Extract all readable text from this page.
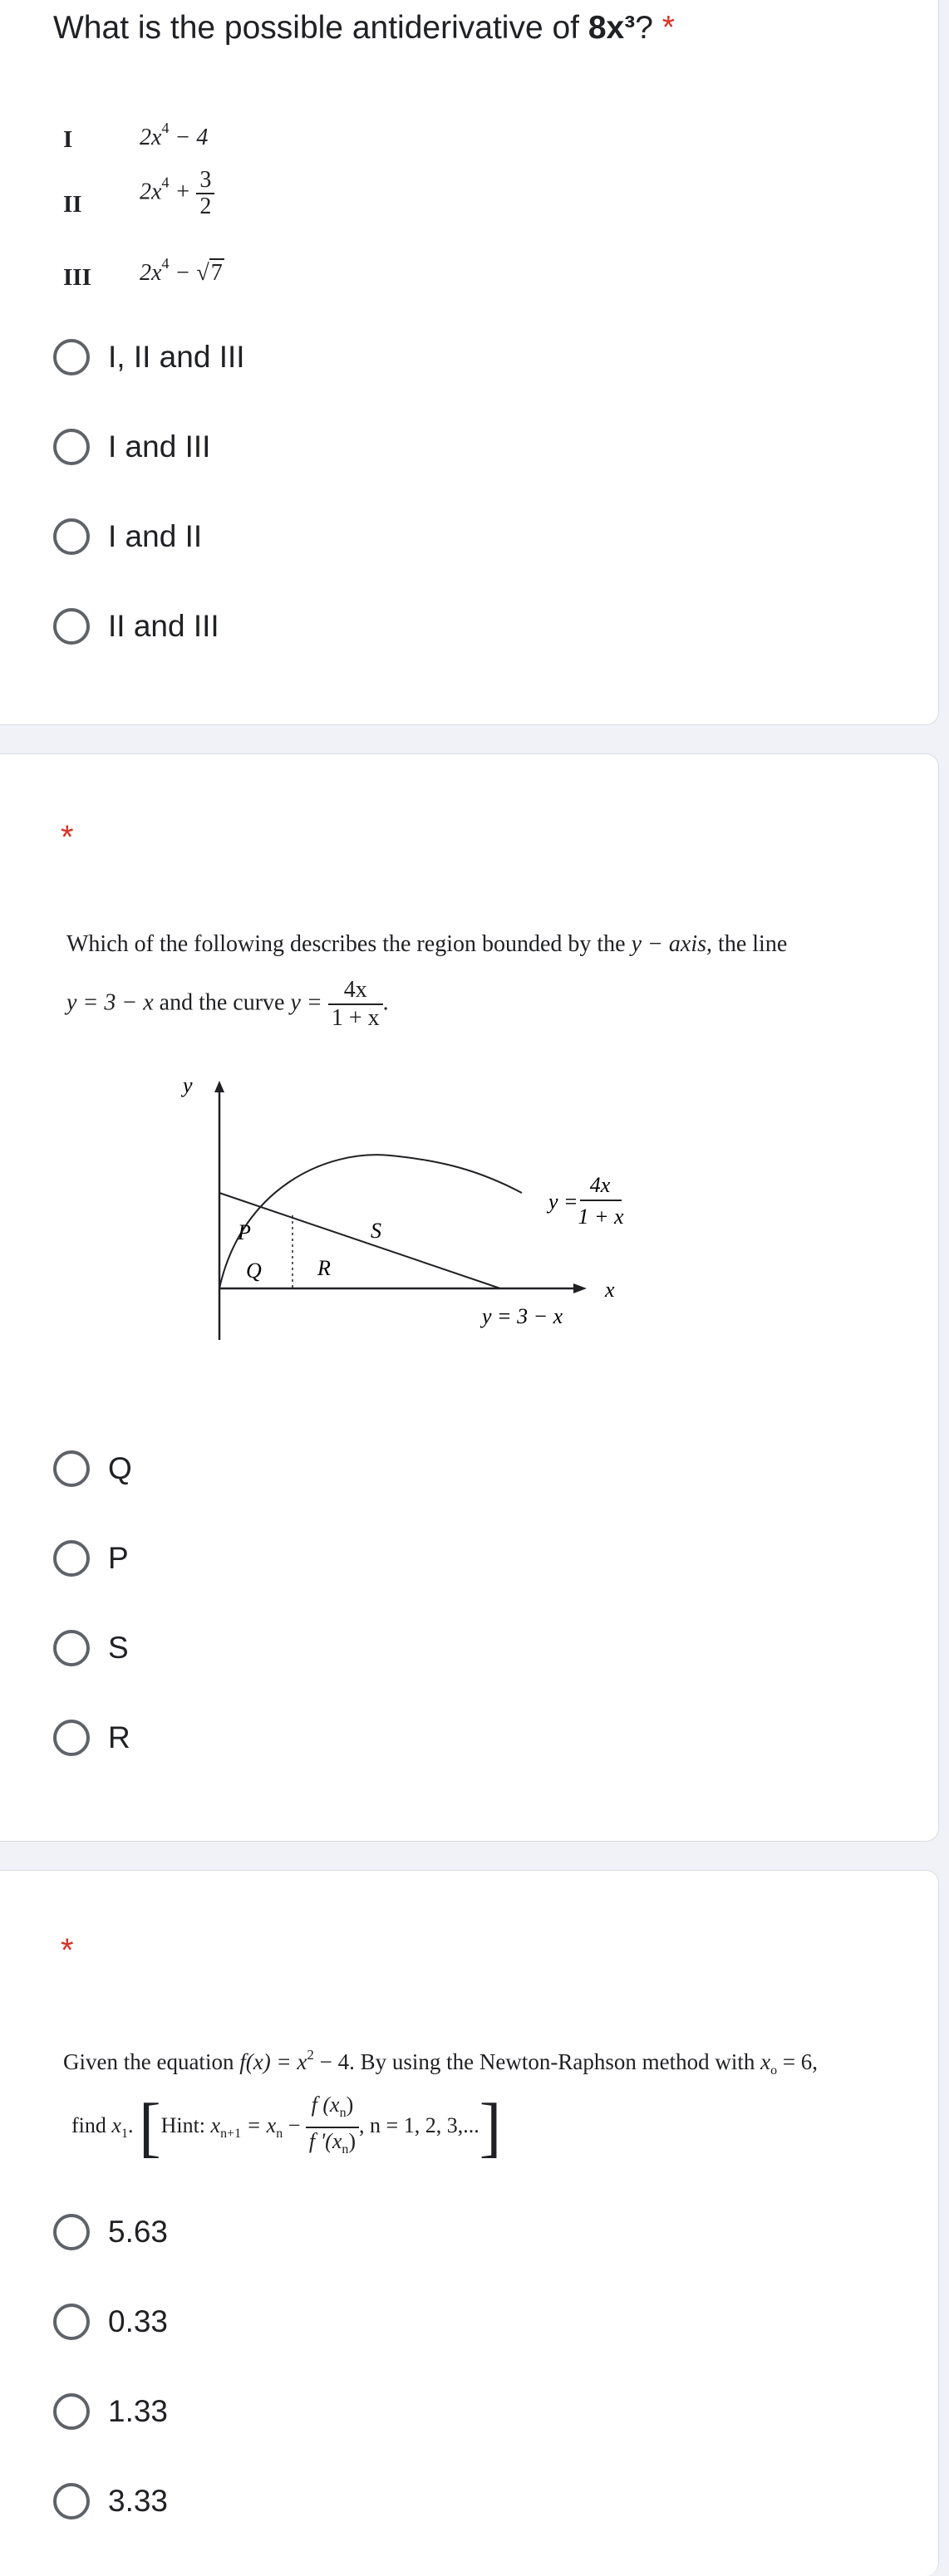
What is the possible antiderivative of 8x³? *
I	$2x^4 - 4$
II $2x^4 + \frac{3}{2}$
III $2x^4 - √7$
I, II and III
I and III
I and II
II and III
*
Which of the following describes the region bounded by the y − axis, the line
y = 3 − x and the curve $y = \frac{4x}{1 + x}$ .
y
x
P	S
Q	R
y =
4x
1 + x
y = 3 − x
Q
P
S
R
*
Given the equation $f(x) = x^2 - 4$. By using the Newton-Raphson method with $x_o = 6$,
find $x_1$. [Hint: $x_{n+1} = x_n - \frac{f (x_n)}{f '(x_n)}$ , n = 1, 2, 3,...]
5.63
0.33
1.33
3.33
